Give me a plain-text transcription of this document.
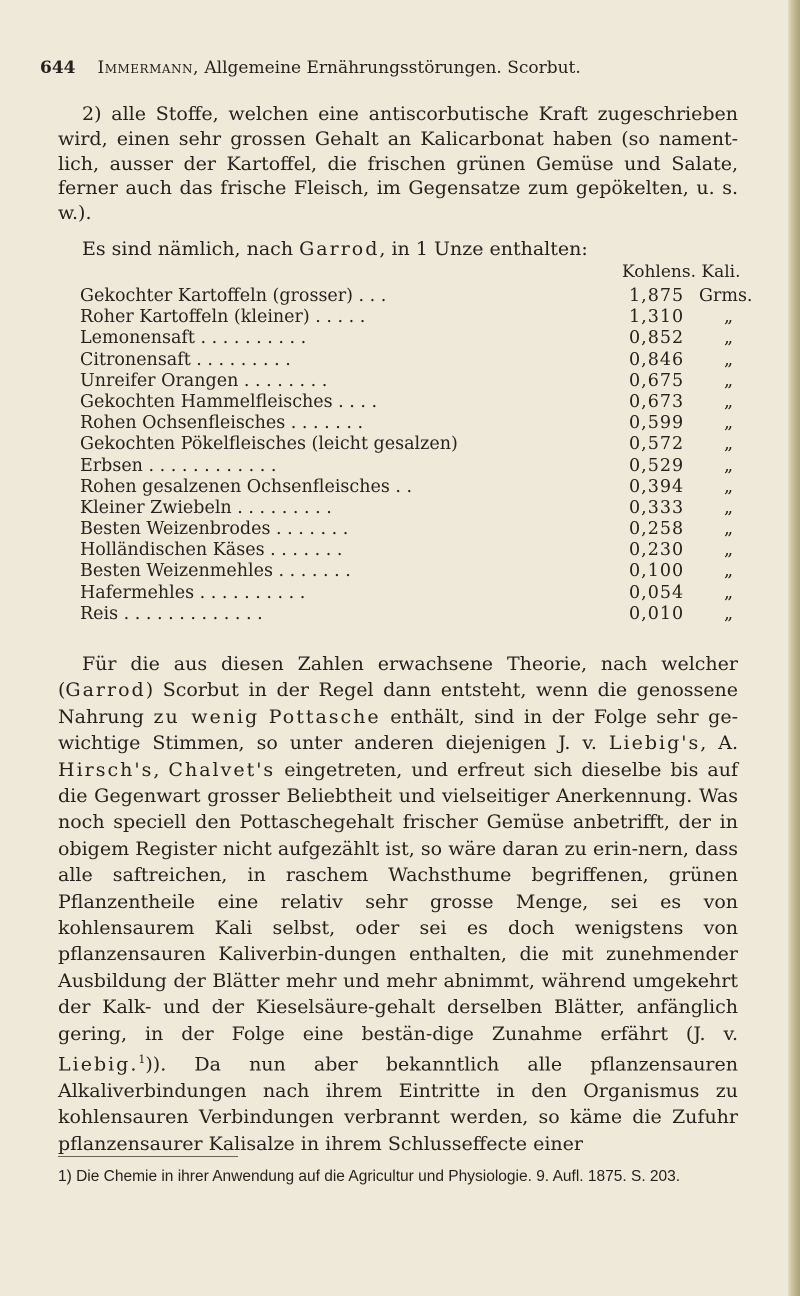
644 Immermann, Allgemeine Ernährungsstörungen. Scorbut.
2) alle Stoffe, welchen eine antiscorbutische Kraft zugeschrieben wird, einen sehr grossen Gehalt an Kalicarbonat haben (so nament-lich, ausser der Kartoffel, die frischen grünen Gemüse und Salate, ferner auch das frische Fleisch, im Gegensatze zum gepökelten, u. s. w.).
Es sind nämlich, nach Garrod, in 1 Unze enthalten:
Kohlens. Kali.
Gekochter Kartoffeln (grosser) . . .	1,875 Grms.
Roher Kartoffeln (kleiner) . . . . .	1,310 „
Lemonensaft . . . . . . . . . .	0,852 „
Citronensaft . . . . . . . . .	0,846 „
Unreifer Orangen . . . . . . . .	0,675 „
Gekochten Hammelfleisches . . . .	0,673 „
Rohen Ochsenfleisches . . . . . . .	0,599 „
Gekochten Pökelfleisches (leicht gesalzen)	0,572 „
Erbsen . . . . . . . . . . . .	0,529 „
Rohen gesalzenen Ochsenfleisches . .	0,394 „
Kleiner Zwiebeln . . . . . . . . .	0,333 „
Besten Weizenbrodes . . . . . . .	0,258 „
Holländischen Käses . . . . . . .	0,230 „
Besten Weizenmehles . . . . . . .	0,100 „
Hafermehles . . . . . . . . . .	0,054 „
Reis . . . . . . . . . . . . .	0,010 „
Für die aus diesen Zahlen erwachsene Theorie, nach welcher (Garrod) Scorbut in der Regel dann entsteht, wenn die genossene Nahrung zu wenig Pottasche enthält, sind in der Folge sehr ge-wichtige Stimmen, so unter anderen diejenigen J. v. Liebig's, A. Hirsch's, Chalvet's eingetreten, und erfreut sich dieselbe bis auf die Gegenwart grosser Beliebtheit und vielseitiger Anerkennung. Was noch speciell den Pottaschegehalt frischer Gemüse anbetrifft, der in obigem Register nicht aufgezählt ist, so wäre daran zu erin-nern, dass alle saftreichen, in raschem Wachsthume begriffenen, grünen Pflanzentheile eine relativ sehr grosse Menge, sei es von kohlensaurem Kali selbst, oder sei es doch wenigstens von pflanzensauren Kaliverbin-dungen enthalten, die mit zunehmender Ausbildung der Blätter mehr und mehr abnimmt, während umgekehrt der Kalk- und der Kieselsäure-gehalt derselben Blätter, anfänglich gering, in der Folge eine bestän-dige Zunahme erfährt (J. v. Liebig.$^1$)). Da nun aber bekanntlich alle pflanzensauren Alkaliverbindungen nach ihrem Eintritte in den Organismus zu kohlensauren Verbindungen verbrannt werden, so käme die Zufuhr pflanzensaurer Kalisalze in ihrem Schlusseffecte einer
1) Die Chemie in ihrer Anwendung auf die Agricultur und Physiologie. 9. Aufl. 1875. S. 203.
